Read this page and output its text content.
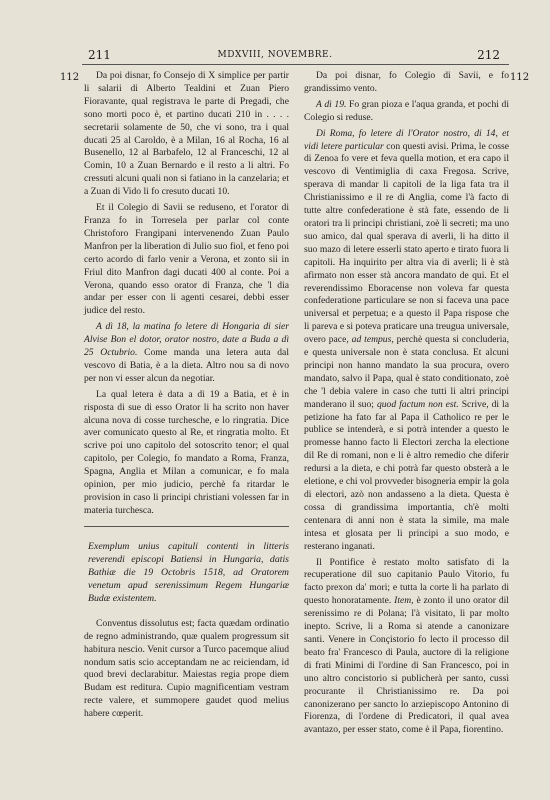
211	MDXVIII, NOVEMBRE.	212
112	112

Da poi disnar, fo Consejo di X simplice per partir li salarii di Alberto Tealdini et Zuan Piero Fioravante, qual registrava le parte di Pregadi, che sono morti poco è, et partino ducati 210 in . . . . secretarii solamente de 50, che vi sono, tra i qual ducati 25 al Caroldo, è a Milan, 16 al Rocha, 16 al Busenello, 12 al Barbafelo, 12 al Franceschi, 12 al Comin, 10 a Zuan Bernardo e il resto a li altri. Fo cressuti alcuni quali non si fatiano in la canzelaria; et a Zuan di Vido li fo cresuto ducati 10.

Et il Colegio di Savii se reduseno, et l'orator di Franza fo in Torresela per parlar col conte Christoforo Frangipani intervenendo Zuan Paulo Manfron per la liberation di Julio suo fiol, et feno poi certo acordo di farlo venir a Verona, et zonto sii in Friul dito Manfron dagi ducati 400 al conte. Poi a Verona, quando esso orator di Franza, che 'l dia andar per esser con li agenti cesarei, debbi esser judice del resto.

A dì 18, la matina fo letere di Hongaria di sier Alvise Bon el dotor, orator nostro, date a Buda a dì 25 Octubrio. Come manda una letera auta dal vescovo di Batia, è a la dieta. Altro nou sa di novo per non vi esser alcun da negotiar.

La qual letera è data a dì 19 a Batia, et è in risposta di sue di esso Orator li ha scrito non haver alcuna nova di cosse turchesche, e lo ringratia. Dice aver comunicato questo al Re, et ringratia molto. Et scrive poi uno capitolo del sotoscrito tenor; el qual capitolo, per Colegio, fo mandato a Roma, Franza, Spagna, Anglia et Milan a comunicar, e fo mala opinion, per mio judicio, perchè fa ritardar le provision in caso li principi christiani volessen far in materia turchesca.

Exemplum unius capituli contenti in litteris reverendi episcopi Batiensi in Hungaria, datis Bathiæ die 19 Octobris 1518, ad Oratorem venetum apud serenissimum Regem Hungariæ Budæ existentem.

Conventus dissolutus est; facta quædam ordinatio de regno administrando, quæ qualem progressum sit habitura nescio. Venit cursor a Turco pacemque aliud nondum satis scio acceptandam ne ac reiciendam, id quod brevi declarabitur. Maiestas regia prope diem Budam est reditura. Cupio magnificentiam vestram recte valere, et summopere gaudet quod melius habere cœperit.

Da poi disnar, fo Colegio di Savii, e fo grandissimo vento.

A dì 19. Fo gran pioza e l'aqua granda, et pochi di Colegio si reduse.

Di Roma, fo letere di l'Orator nostro, di 14, et vidi letere particular con questi avisi. Prima, le cosse di Zenoa fo vere et feva quella motion, et era capo il vescovo di Ventimiglia di caxa Fregosa. Scrive, sperava di mandar li capitoli de la liga fata tra il Christianissimo e il re di Anglia, come l'à facto di tutte altre confederatione è stà fate, essendo de li oratori tra li principi christiani, zoè li secreti; ma uno suo amico, dal qual sperava di averli, li ha ditto il suo mazo di letere esserli stato aperto e tirato fuora li capitoli. Ha inquirito per altra via di averli; li è stà afirmato non esser stà ancora mandato de qui. Et el reverendissimo Eboracense non voleva far questa confederatione particulare se non si faceva una pace universal et perpetua; e a questo il Papa rispose che li pareva e si poteva praticare una treugua universale, overo pace, ad tempus, perchè questa si concluderia, e questa universale non è stata conclusa. Et alcuni principi non hanno mandato la sua procura, overo mandato, salvo il Papa, qual è stato conditionato, zoè che 'l debia valere in caso che tutti li altri principi manderano il suo; quod factum non est. Scrive, di la petizione ha fato far al Papa il Catholico re per le publice se intenderà, e si potrà intender a questo le promesse hanno facto li Electori zercha la electione dil Re di romani, non e li è altro remedio che diferir redursi a la dieta, e chi potrà far questo obsterà a le eletione, e chi vol provveder bisogneria empir la gola di electori, azò non andasseno a la dieta. Questa è cossa di grandissima importantia, ch'è molti centenara di anni non è stata la simile, ma male intesa et glosata per li principi a suo modo, e resterano inganati.

Il Pontifice è restato molto satisfato di la recuperatione dil suo capitanio Paulo Vitorio, fu facto prexon da' mori; e tutta la corte li ha parlato di questo honoratamente. Item, è zonto il uno orator dil serenissimo re di Polana; l'à visitato, li par molto inepto. Scrive, li a Roma si atende a canonizare santi. Venere in Conçistorio fo lecto il processo dil beato fra' Francesco di Paula, auctore di la religione di frati Minimi di l'ordine di San Francesco, poi in uno altro concistorio si publicherà per santo, cussì procurante il Christianissimo re. Da poi canonizerano per sancto lo arziepiscopo Antonino di Fiorenza, di l'ordene di Predicatori, il qual avea avantazo, per esser stato, come è il Papa, fiorentino.
